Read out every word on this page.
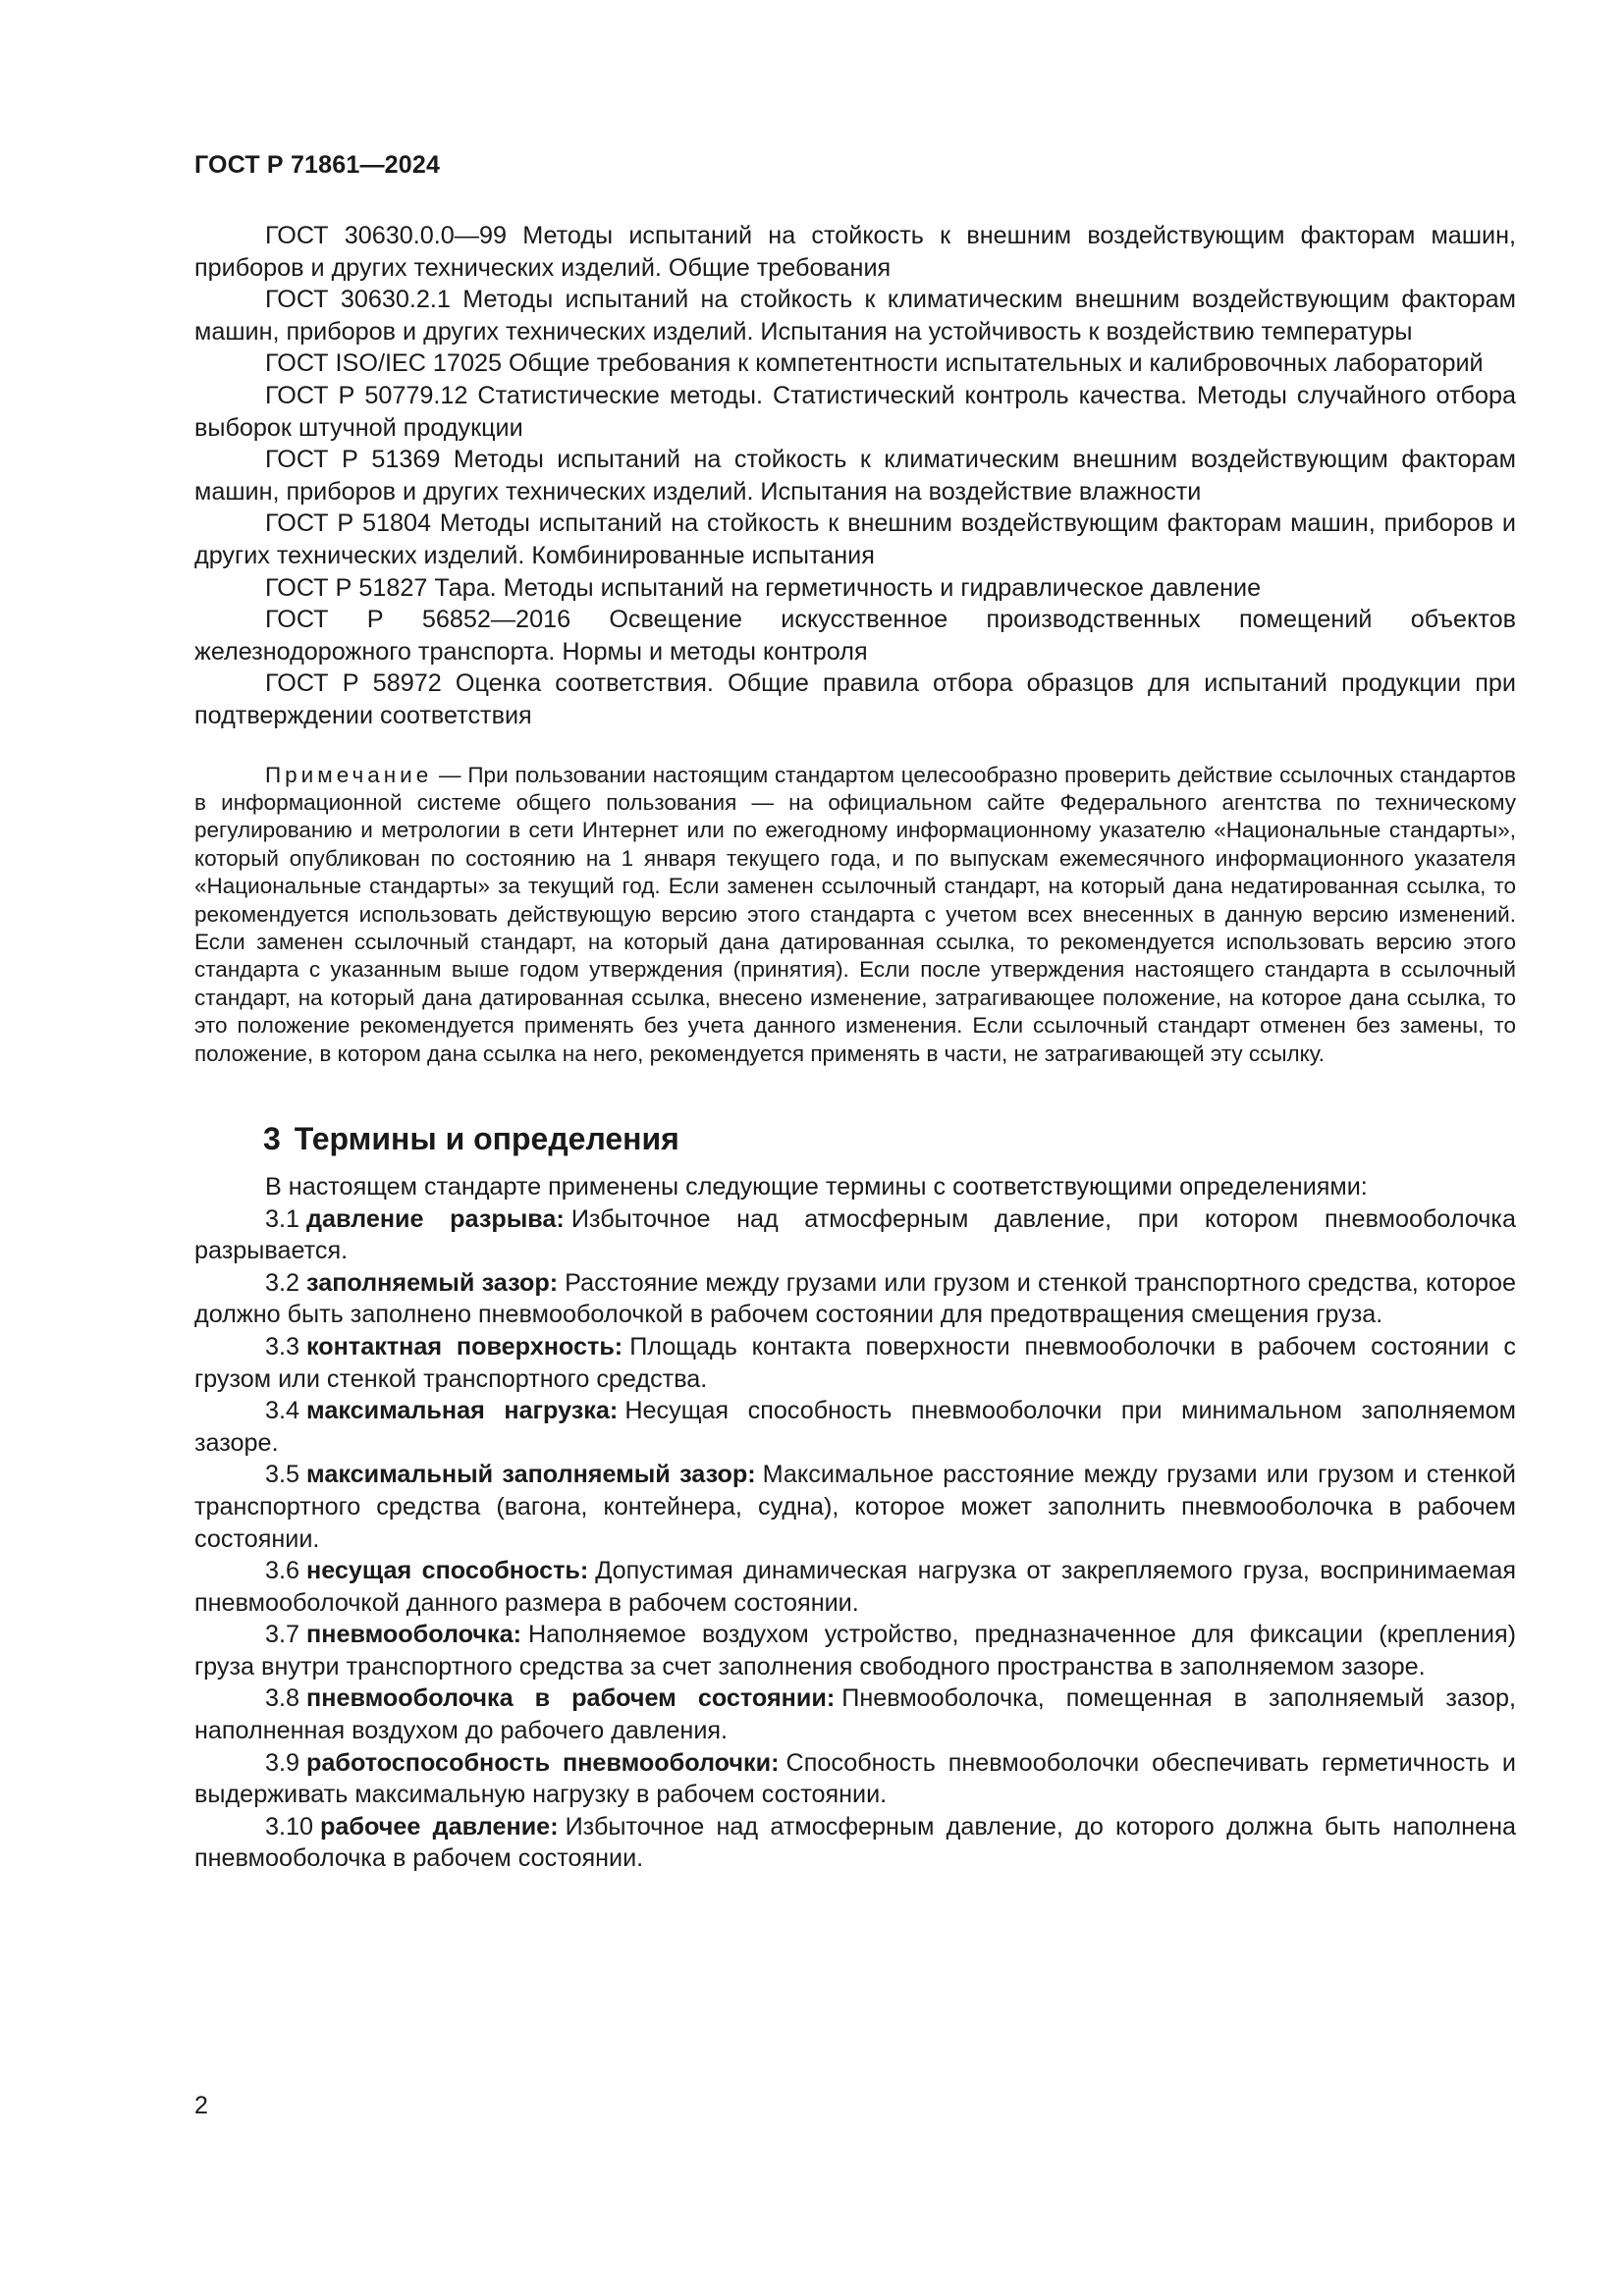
ГОСТ Р 71861—2024

ГОСТ 30630.0.0—99 Методы испытаний на стойкость к внешним воздействующим факторам машин, приборов и других технических изделий. Общие требования

ГОСТ 30630.2.1 Методы испытаний на стойкость к климатическим внешним воздействующим факторам машин, приборов и других технических изделий. Испытания на устойчивость к воздействию температуры

ГОСТ ISO/IEC 17025 Общие требования к компетентности испытательных и калибровочных лабораторий

ГОСТ Р 50779.12 Статистические методы. Статистический контроль качества. Методы случайного отбора выборок штучной продукции

ГОСТ Р 51369 Методы испытаний на стойкость к климатическим внешним воздействующим факторам машин, приборов и других технических изделий. Испытания на воздействие влажности

ГОСТ Р 51804 Методы испытаний на стойкость к внешним воздействующим факторам машин, приборов и других технических изделий. Комбинированные испытания

ГОСТ Р 51827 Тара. Методы испытаний на герметичность и гидравлическое давление

ГОСТ Р 56852—2016 Освещение искусственное производственных помещений объектов железнодорожного транспорта. Нормы и методы контроля

ГОСТ Р 58972 Оценка соответствия. Общие правила отбора образцов для испытаний продукции при подтверждении соответствия

Примечание — При пользовании настоящим стандартом целесообразно проверить действие ссылочных стандартов в информационной системе общего пользования — на официальном сайте Федерального агентства по техническому регулированию и метрологии в сети Интернет или по ежегодному информационному указателю «Национальные стандарты», который опубликован по состоянию на 1 января текущего года, и по выпускам ежемесячного информационного указателя «Национальные стандарты» за текущий год. Если заменен ссылочный стандарт, на который дана недатированная ссылка, то рекомендуется использовать действующую версию этого стандарта с учетом всех внесенных в данную версию изменений. Если заменен ссылочный стандарт, на который дана датированная ссылка, то рекомендуется использовать версию этого стандарта с указанным выше годом утверждения (принятия). Если после утверждения настоящего стандарта в ссылочный стандарт, на который дана датированная ссылка, внесено изменение, затрагивающее положение, на которое дана ссылка, то это положение рекомендуется применять без учета данного изменения. Если ссылочный стандарт отменен без замены, то положение, в котором дана ссылка на него, рекомендуется применять в части, не затрагивающей эту ссылку.

3 Термины и определения

В настоящем стандарте применены следующие термины с соответствующими определениями:

3.1 давление разрыва: Избыточное над атмосферным давление, при котором пневмооболочка разрывается.

3.2 заполняемый зазор: Расстояние между грузами или грузом и стенкой транспортного средства, которое должно быть заполнено пневмооболочкой в рабочем состоянии для предотвращения смещения груза.

3.3 контактная поверхность: Площадь контакта поверхности пневмооболочки в рабочем состоянии с грузом или стенкой транспортного средства.

3.4 максимальная нагрузка: Несущая способность пневмооболочки при минимальном заполняемом зазоре.

3.5 максимальный заполняемый зазор: Максимальное расстояние между грузами или грузом и стенкой транспортного средства (вагона, контейнера, судна), которое может заполнить пневмооболочка в рабочем состоянии.

3.6 несущая способность: Допустимая динамическая нагрузка от закрепляемого груза, воспринимаемая пневмооболочкой данного размера в рабочем состоянии.

3.7 пневмооболочка: Наполняемое воздухом устройство, предназначенное для фиксации (крепления) груза внутри транспортного средства за счет заполнения свободного пространства в заполняемом зазоре.

3.8 пневмооболочка в рабочем состоянии: Пневмооболочка, помещенная в заполняемый зазор, наполненная воздухом до рабочего давления.

3.9 работоспособность пневмооболочки: Способность пневмооболочки обеспечивать герметичность и выдерживать максимальную нагрузку в рабочем состоянии.

3.10 рабочее давление: Избыточное над атмосферным давление, до которого должна быть наполнена пневмооболочка в рабочем состоянии.

2
